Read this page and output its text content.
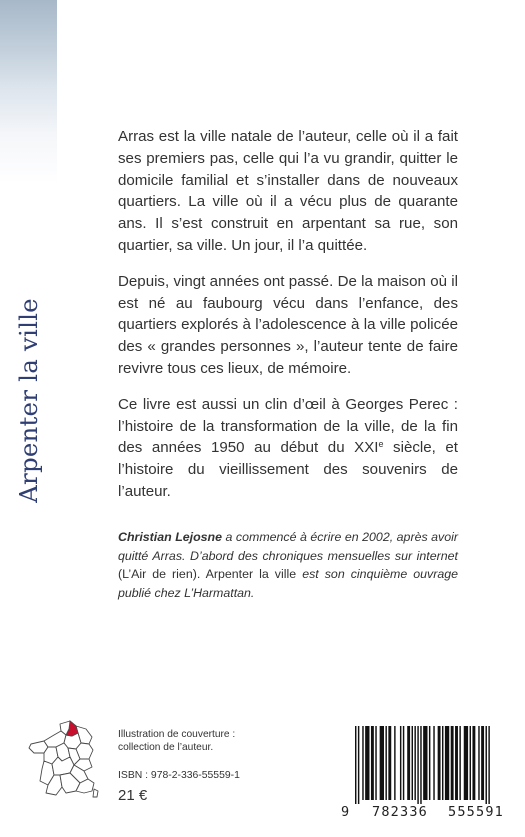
Arpenter la ville

Arras est la ville natale de l’auteur, celle où il a fait ses premiers pas, celle qui l’a vu grandir, quitter le domicile familial et s’installer dans de nouveaux quartiers. La ville où il a vécu plus de quarante ans. Il s’est construit en arpentant sa rue, son quartier, sa ville. Un jour, il l’a quittée.

Depuis, vingt années ont passé. De la maison où il est né au faubourg vécu dans l’enfance, des quartiers explorés à l’adolescence à la ville policée des « grandes personnes », l’auteur tente de faire revivre tous ces lieux, de mémoire.

Ce livre est aussi un clin d’œil à Georges Perec : l’histoire de la transformation de la ville, de la fin des années 1950 au début du XXIe siècle, et l’histoire du vieillissement des souvenirs de l’auteur.

Christian Lejosne a commencé à écrire en 2002, après avoir quitté Arras. D’abord des chroniques mensuelles sur internet (L’Air de rien). Arpenter la ville est son cinquième ouvrage publié chez L’Harmattan.
Illustration de couverture : collection de l’auteur.
ISBN : 978-2-336-55559-1
21 €
9 782336 555591
